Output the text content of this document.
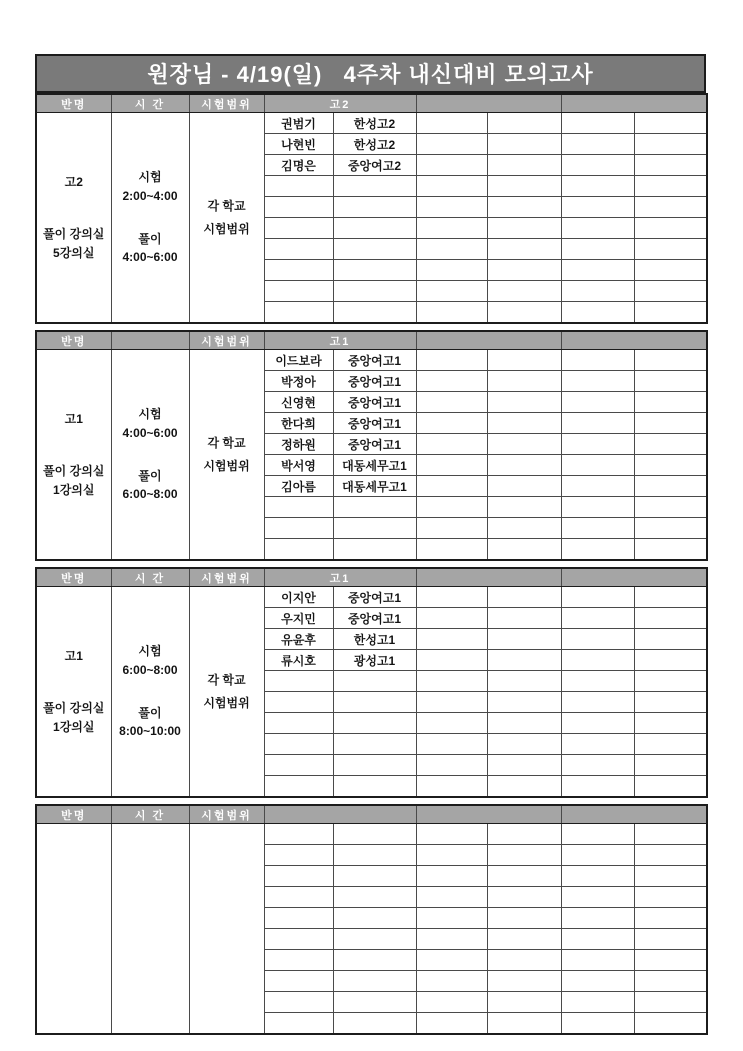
원장님 - 4/19(일)   4주차 내신대비 모의고사
반명	시 간	시험범위	고2					

고2
풀이 강의실
5강의실

시험
2:00~4:00
풀이
4:00~6:00

각 학교
시험범위
	권범기	한성고2				
			나현빈	한성고2				
			김명은	중앙여고2				

반명		시험범위	고1					

고1
풀이 강의실
1강의실

시험
4:00~6:00
풀이
6:00~8:00

각 학교
시험범위
	이드보라	중앙여고1				
			박정아	중앙여고1				
			신영현	중앙여고1				
			한다희	중앙여고1				
			정하원	중앙여고1				
			박서영	대동세무고1				
			김아름	대동세무고1				

반명	시 간	시험범위	고1					

고1
풀이 강의실
1강의실

시험
6:00~8:00
풀이
8:00~10:00

각 학교
시험범위
	이지안	중앙여고1				
			우지민	중앙여고1				
			유윤후	한성고1				
			류시호	광성고1				

반명	시 간	시험범위						
